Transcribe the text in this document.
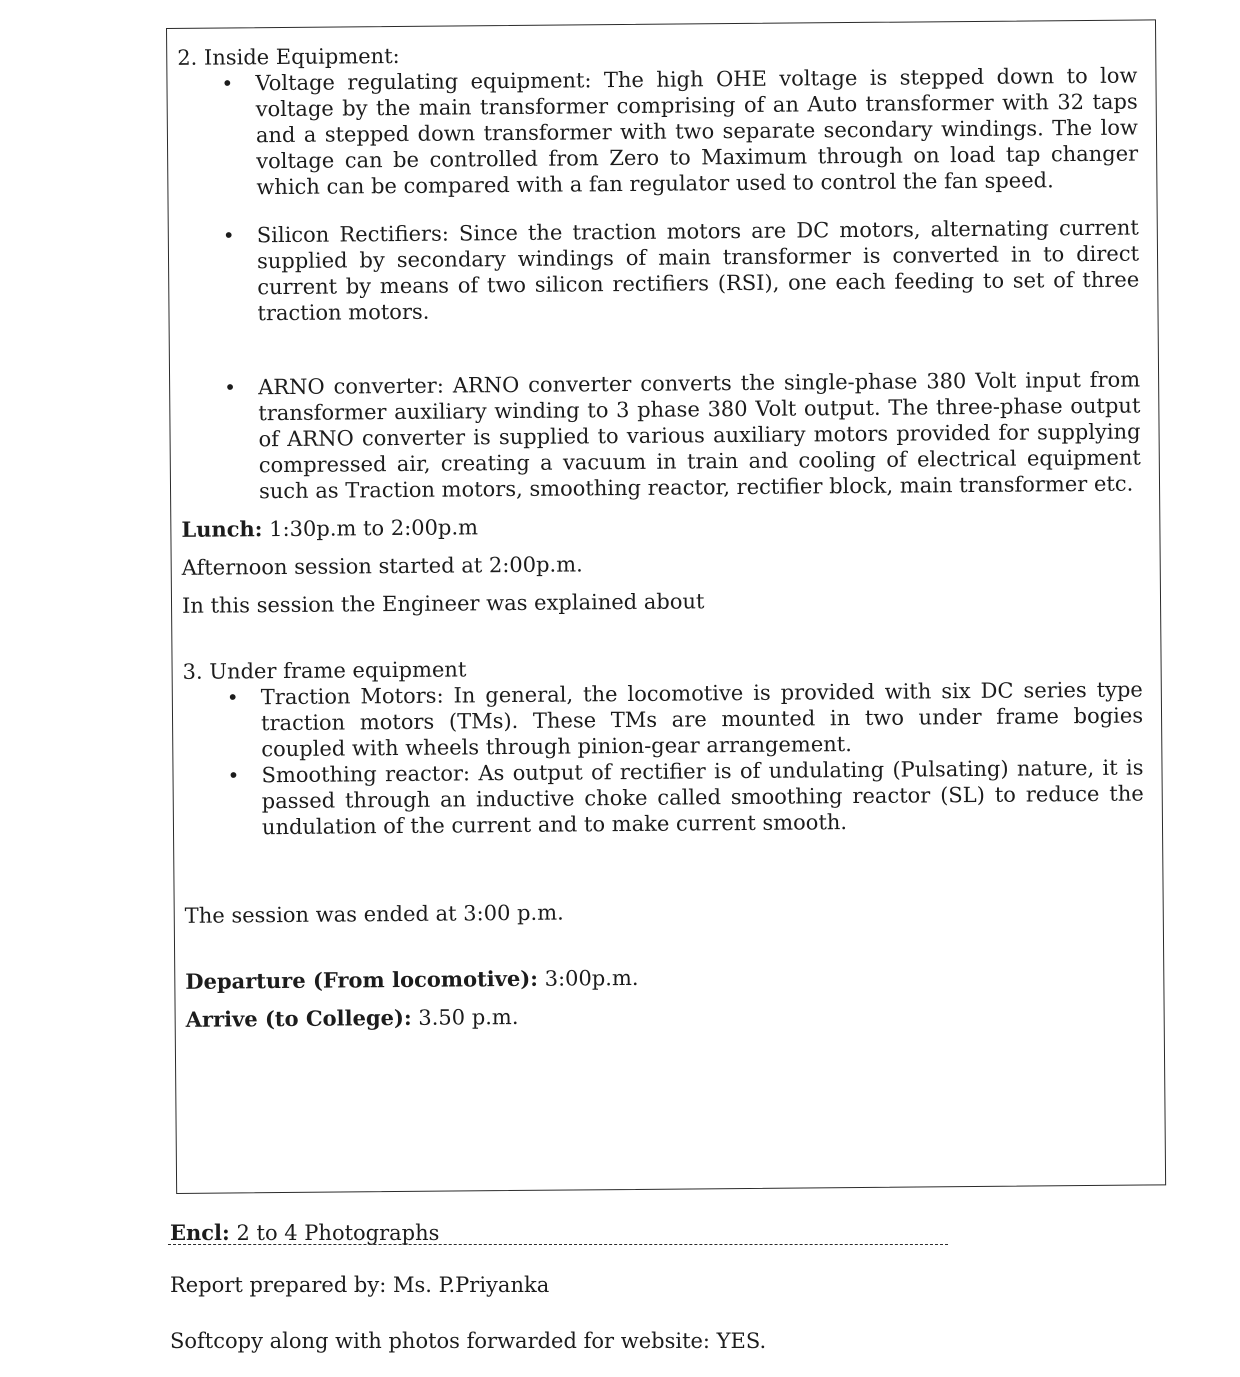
2. Inside Equipment:

• Voltage regulating equipment: The high OHE voltage is stepped down to low voltage by the main transformer comprising of an Auto transformer with 32 taps and a stepped down transformer with two separate secondary windings. The low voltage can be controlled from Zero to Maximum through on load tap changer which can be compared with a fan regulator used to control the fan speed.
• Silicon Rectifiers: Since the traction motors are DC motors, alternating current supplied by secondary windings of main transformer is converted in to direct current by means of two silicon rectifiers (RSI), one each feeding to set of three traction motors.
• ARNO converter: ARNO converter converts the single-phase 380 Volt input from transformer auxiliary winding to 3 phase 380 Volt output. The three-phase output of ARNO converter is supplied to various auxiliary motors provided for supplying compressed air, creating a vacuum in train and cooling of electrical equipment such as Traction motors, smoothing reactor, rectifier block, main transformer etc.

Lunch: 1:30p.m to 2:00p.m

Afternoon session started at 2:00p.m.

In this session the Engineer was explained about

3. Under frame equipment

• Traction Motors: In general, the locomotive is provided with six DC series type traction motors (TMs). These TMs are mounted in two under frame bogies coupled with wheels through pinion-gear arrangement.
• Smoothing reactor: As output of rectifier is of undulating (Pulsating) nature, it is passed through an inductive choke called smoothing reactor (SL) to reduce the undulation of the current and to make current smooth.

The session was ended at 3:00 p.m.

Departure (From locomotive): 3:00p.m.

Arrive (to College): 3.50 p.m.

Encl: 2 to 4 Photographs
Report prepared by: Ms. P.Priyanka
Softcopy along with photos forwarded for website: YES.
